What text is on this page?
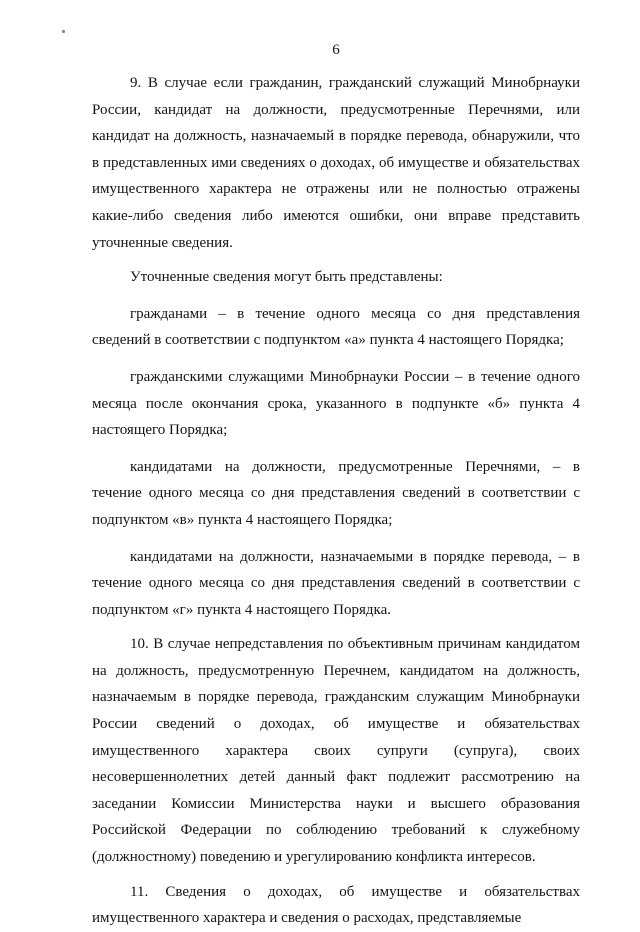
6

9. В случае если гражданин, гражданский служащий Минобрнауки России, кандидат на должности, предусмотренные Перечнями, или кандидат на должность, назначаемый в порядке перевода, обнаружили, что в представленных ими сведениях о доходах, об имуществе и обязательствах имущественного характера не отражены или не полностью отражены какие-либо сведения либо имеются ошибки, они вправе представить уточненные сведения.

Уточненные сведения могут быть представлены:

гражданами – в течение одного месяца со дня представления сведений в соответствии с подпунктом «а» пункта 4 настоящего Порядка;

гражданскими служащими Минобрнауки России – в течение одного месяца после окончания срока, указанного в подпункте «б» пункта 4 настоящего Порядка;

кандидатами на должности, предусмотренные Перечнями, – в течение одного месяца со дня представления сведений в соответствии с подпунктом «в» пункта 4 настоящего Порядка;

кандидатами на должности, назначаемыми в порядке перевода, – в течение одного месяца со дня представления сведений в соответствии с подпунктом «г» пункта 4 настоящего Порядка.

10. В случае непредставления по объективным причинам кандидатом на должность, предусмотренную Перечнем, кандидатом на должность, назначаемым в порядке перевода, гражданским служащим Минобрнауки России сведений о доходах, об имуществе и обязательствах имущественного характера своих супруги (супруга), своих несовершеннолетних детей данный факт подлежит рассмотрению на заседании Комиссии Министерства науки и высшего образования Российской Федерации по соблюдению требований к служебному (должностному) поведению и урегулированию конфликта интересов.

11. Сведения о доходах, об имуществе и обязательствах имущественного характера и сведения о расходах, представляемые
